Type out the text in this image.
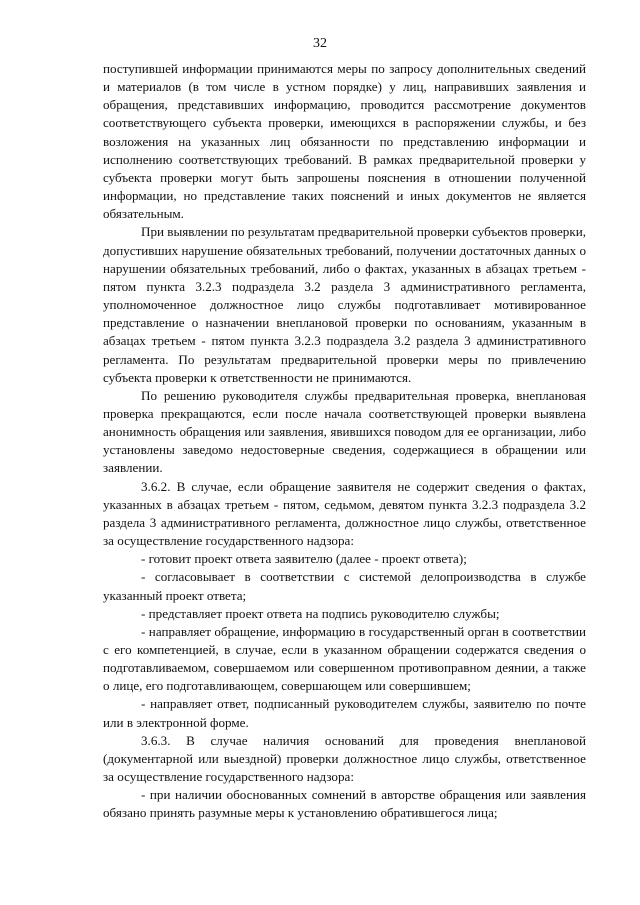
32

поступившей информации принимаются меры по запросу дополнительных сведений и материалов (в том числе в устном порядке) у лиц, направивших заявления и обращения, представивших информацию, проводится рассмотрение документов соответствующего субъекта проверки, имеющихся в распоряжении службы, и без возложения на указанных лиц обязанности по представлению информации и исполнению соответствующих требований. В рамках предварительной проверки у субъекта проверки могут быть запрошены пояснения в отношении полученной информации, но представление таких пояснений и иных документов не является обязательным.

При выявлении по результатам предварительной проверки субъектов проверки, допустивших нарушение обязательных требований, получении достаточных данных о нарушении обязательных требований, либо о фактах, указанных в абзацах третьем - пятом пункта 3.2.3 подраздела 3.2 раздела 3 административного регламента, уполномоченное должностное лицо службы подготавливает мотивированное представление о назначении внеплановой проверки по основаниям, указанным в абзацах третьем - пятом пункта 3.2.3 подраздела 3.2 раздела 3 административного регламента. По результатам предварительной проверки меры по привлечению субъекта проверки к ответственности не принимаются.

По решению руководителя службы предварительная проверка, внеплановая проверка прекращаются, если после начала соответствующей проверки выявлена анонимность обращения или заявления, явившихся поводом для ее организации, либо установлены заведомо недостоверные сведения, содержащиеся в обращении или заявлении.

3.6.2. В случае, если обращение заявителя не содержит сведения о фактах, указанных в абзацах третьем - пятом, седьмом, девятом пункта 3.2.3 подраздела 3.2 раздела 3 административного регламента, должностное лицо службы, ответственное за осуществление государственного надзора:

- готовит проект ответа заявителю (далее - проект ответа);

- согласовывает в соответствии с системой делопроизводства в службе указанный проект ответа;

- представляет проект ответа на подпись руководителю службы;

- направляет обращение, информацию в государственный орган в соответствии с его компетенцией, в случае, если в указанном обращении содержатся сведения о подготавливаемом, совершаемом или совершенном противоправном деянии, а также о лице, его подготавливающем, совершающем или совершившем;

- направляет ответ, подписанный руководителем службы, заявителю по почте или в электронной форме.

3.6.3. В случае наличия оснований для проведения внеплановой (документарной или выездной) проверки должностное лицо службы, ответственное за осуществление государственного надзора:

- при наличии обоснованных сомнений в авторстве обращения или заявления обязано принять разумные меры к установлению обратившегося лица;
